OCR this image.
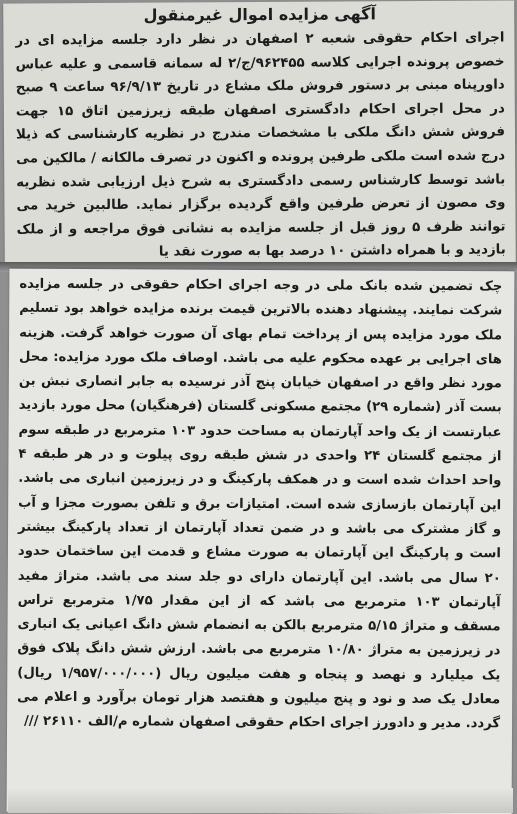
آگهی مزایده اموال غیرمنقول

اجرای احکام حقوقی شعبه ۲ اصفهان در نظر دارد جلسه مزایده ای در خصوص پرونده اجرایی کلاسه ۹۶۲۴۵۵/ج/۲ له سمانه قاسمی و علیه عباس داورپناه مبنی بر دستور فروش ملک مشاع در تاریخ ۹۶/۹/۱۳ ساعت ۹ صبح در محل اجرای احکام دادگستری اصفهان طبقه زیرزمین اتاق ۱۵ جهت فروش شش دانگ ملکی با مشخصات مندرج در نظریه کارشناسی که ذیلا درج شده است ملکی طرفین پرونده و اکنون در تصرف مالکانه / مالکین می باشد توسط کارشناس رسمی دادگستری به شرح ذیل ارزیابی شده نظریه وی مصون از تعرض طرفین واقع گردیده برگزار نماید. طالبین خرید می توانند ظرف ۵ روز قبل از جلسه مزایده به نشانی فوق مراجعه و از ملک بازدید و با همراه داشتن ۱۰ درصد بها به صورت نقد یا

چک تضمین شده بانک ملی در وجه اجرای احکام حقوقی در جلسه مزایده شرکت نمایند. پیشنهاد دهنده بالاترین قیمت برنده مزایده خواهد بود تسلیم ملک مورد مزایده پس از پرداخت تمام بهای آن صورت خواهد گرفت. هزینه های اجرایی بر عهده محکوم علیه می باشد. اوصاف ملک مورد مزایده: محل مورد نظر واقع در اصفهان خیابان پنج آذر نرسیده به جابر انصاری نبش بن بست آذر (شماره ۲۹) مجتمع مسکونی گلستان (فرهنگیان) محل مورد بازدید عبارتست از یک واحد آپارتمان به مساحت حدود ۱۰۳ مترمربع در طبقه سوم از مجتمع گلستان ۲۴ واحدی در شش طبقه روی پیلوت و در هر طبقه ۴ واحد احداث شده است و در همکف پارکینگ و در زیرزمین انباری می باشد. این آپارتمان بازسازی شده است. امتیازات برق و تلفن بصورت مجزا و آب و گاز مشترک می باشد و در ضمن تعداد آپارتمان از تعداد پارکینگ بیشتر است و پارکینگ این آپارتمان به صورت مشاع و قدمت این ساختمان حدود ۲۰ سال می باشد. این آپارتمان دارای دو جلد سند می باشد. متراژ مفید آپارتمان ۱۰۳ مترمربع می باشد که از این مقدار ۱/۷۵ مترمربع تراس مسقف و متراژ ۵/۱۵ مترمربع بالکن به انضمام شش دانگ اعیانی یک انباری در زیرزمین به متراژ ۱۰/۸۰ مترمربع می باشد. ارزش شش دانگ پلاک فوق یک میلیارد و نهصد و پنجاه و هفت میلیون ریال (۱/۹۵۷/۰۰۰/۰۰۰ ریال) معادل یک صد و نود و پنج میلیون و هفتصد هزار تومان برآورد و اعلام می گردد. مدیر و دادورز اجرای احکام حقوقی اصفهان شماره م/الف ۲۶۱۱۰ ///
